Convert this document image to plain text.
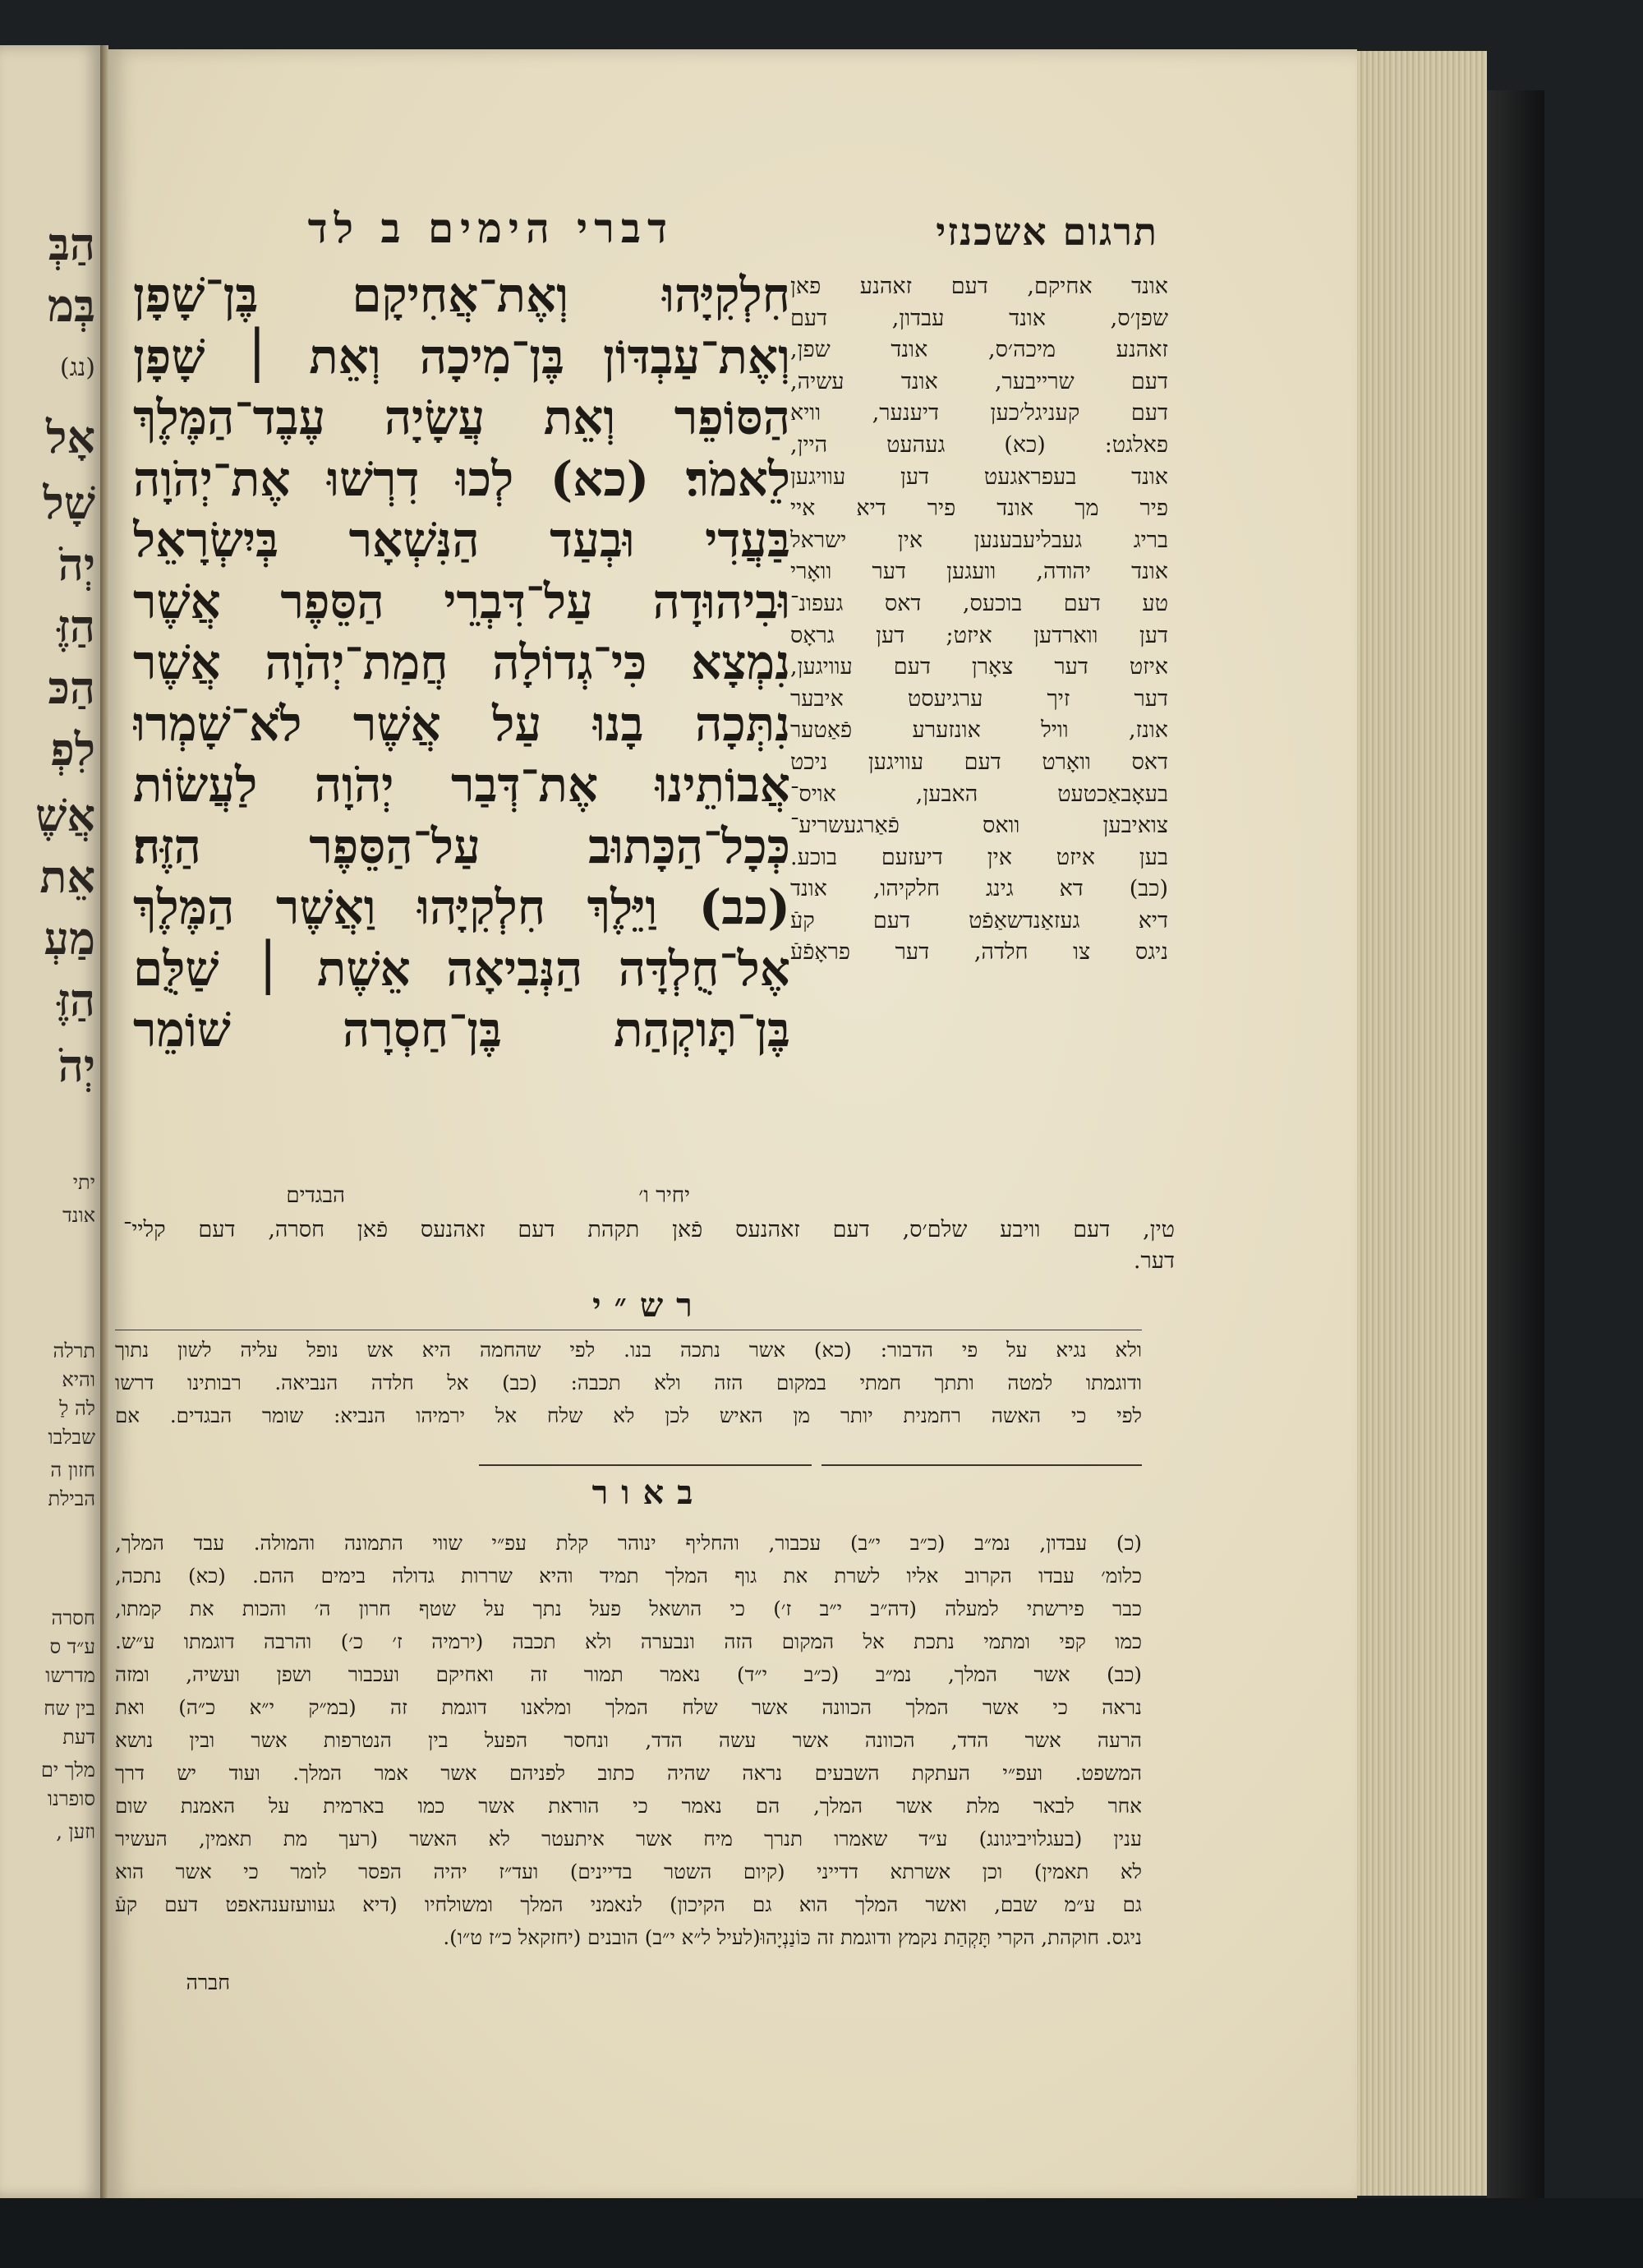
הַבְּ
בְּמ
(נג)
אָל
שָׁל
יְהֹ
הַזֶּ
הַכּ
לִפְ
אֲשֶׁ
אֵת
מַעְ
הַזֶּ
יְהֹ
יתי
אונד
תרלה
והיא
לה לַ
שבלבו
חזון ה
הבילת
חסרה
ע״ד ס
מדרשו
בין שח
דעת
מלך ים
סופרנו
וזען ,
תרגום אשכנזי
דברי הימים ב לד
אונד אחיקם, דעם זאהנע פאן
שפן׳ס, אונד עבדון, דעם
זאהנע מיכה׳ס, אונד שפן,
דעם שרייבער, אונד עשיה,
דעם קעניגל׳כען דיענער, וויא
פאלגט: (כא) געהעט היין,
אונד בעפראגעט דען עוויגען
פיר מך אונד פיר דיא איי
בריג געבליעבענען אין ישראל
אונד יהודה, וועגען דער וואָרי
טע דעם בוכעס, דאס געפונ־
דען ווארדען איזט; דען גראָס
איזט דער צאָרן דעם עוויגען,
דער זיך ערגיעסט איבער
אונז, וויל אונזערע פֿאַטער
דאס וואָרט דעם עוויגען ניכט
בעאָבאַכטעט האבען, אויס־
צואיבען וואס פֿאַרגעשריע־
בען איזט אין דיעזעם בוכע.
(כב) דא גינג חלקיהו, אונד
דיא געזאַנדשאַפֿט דעם קעֿ
ניגס צו חלדה, דער פראָפֿעֿ
חִלְקִיָּהוּ וְאֶת־אֲחִיקָם בֶּן־שָׁפָן
וְאֶת־עַבְדּוֹן בֶּן־מִיכָה וְאֵת ׀ שָׁפָן
הַסּוֹפֵר וְאֵת עֲשָׂיָה עֶבֶד־הַמֶּלֶךְ
לֵאמֹר׃ (כא) לְכוּ דִרְשׁוּ אֶת־יְהֹוָה
בַּעֲדִי וּבְעַד הַנִּשְׁאָר בְּיִשְׂרָאֵל
וּבִיהוּדָה עַל־דִּבְרֵי הַסֵּפֶר אֲשֶׁר
נִמְצָא כִּי־גְדוֹלָה חֲמַת־יְהֹוָה אֲשֶׁר
נִתְּכָה בָנוּ עַל אֲשֶׁר לֹא־שָׁמְרוּ
אֲבוֹתֵינוּ אֶת־דְּבַר יְהֹוָה לַעֲשׂוֹת
כְּכָל־הַכָּתוּב עַל־הַסֵּפֶר הַזֶּה׃
(כב) וַיֵּלֶךְ חִלְקִיָּהוּ וַאֲשֶׁר הַמֶּלֶךְ
אֶל־חֻלְדָּה הַנְּבִיאָה אֵשֶׁת ׀ שַׁלֻּם
בֶּן־תָּוקְהַת בֶּן־חַסְרָה שׁוֹמֵר
יחיר ו׳
הבגדים
טין, דעם וויבע שלם׳ס, דעם זאהנעס פֿאן תקהת דעם זאהנעס פֿאן חסרה, דעם קליי־
דער.
רש״י
ולא נגיא על פי הדבור: (כא) אשר נתכה בנו. לפי שהחמה היא אש נופל עליה לשון נתוך
ודוגמתו למטה ותתך חמתי במקום הזה ולא תכבה: (כב) אל חלדה הנביאה. רבותינו דרשו
לפי כי האשה רחמנית יותר מן האיש לכן לא שלח אל ירמיהו הנביא: שומר הבגדים. אם
באור
(כ) עבדון, נמ״ב (כ״ב י״ב) עכבור, והחליף ינוהר קלת עפ״י שווי התמונה והמולה. עבד המלך,
כלומ׳ עבדו הקרוב אליו לשרת את גוף המלך תמיד והיא שררות גדולה בימים ההם. (כא) נתכה,
כבר פירשתי למעלה (דה״ב י״ב ז׳) כי הושאל פעל נתך על שטף חרון ה׳ והכות את קמתו,
כמו קפי ומתמי נתכת אל המקום הזה ונבערה ולא תכבה (ירמיה ז׳ כ׳) והרבה דוגמתו ע״ש.
(כב) אשר המלך, נמ״ב (כ״ב י״ד) נאמר תמור זה ואחיקם ועכבור ושפן ועשיה, ומזה
נראה כי אשר המלך הכוונה אשר שלח המלך ומלאנו דוגמת זה (במ״ק י״א כ״ה) ואת
הרעה אשר הדד, הכוונה אשר עשה הדד, ונחסר הפעל בין הנטרפות אשר ובין נושא
המשפט. ועפ״י העתקת השבעים נראה שהיה כתוב לפניהם אשר אמר המלך. ועוד יש דרך
אחר לבאר מלת אשר המלך, הם נאמר כי הוראת אשר כמו בארמית על האמנת שום
ענין (בעגלויביגונג) ע״ד שאמרו תנרך מיח אשר איתעטר לא האשר (רעך מת תאמין, העשיר
לא תאמין) וכן אשרתא דדייני (קיום השטר בדיינים) ועד״ז יהיה הפסר לומר כי אשר הוא
גם ע״מ שבם, ואשר המלך הוא גם הקיכון) לנאמני המלך ומשולחיו (דיא געוועזענהאפט דעם קעֿ
ניגס. חוקהת, הקרי תָּקְהַת נקמץ ודוגמת זה כּוֹנַנְיָהוּ(לעיל ל״א י״ב) הובנים (יחזקאל כ״ז ט״ו).
חברה
